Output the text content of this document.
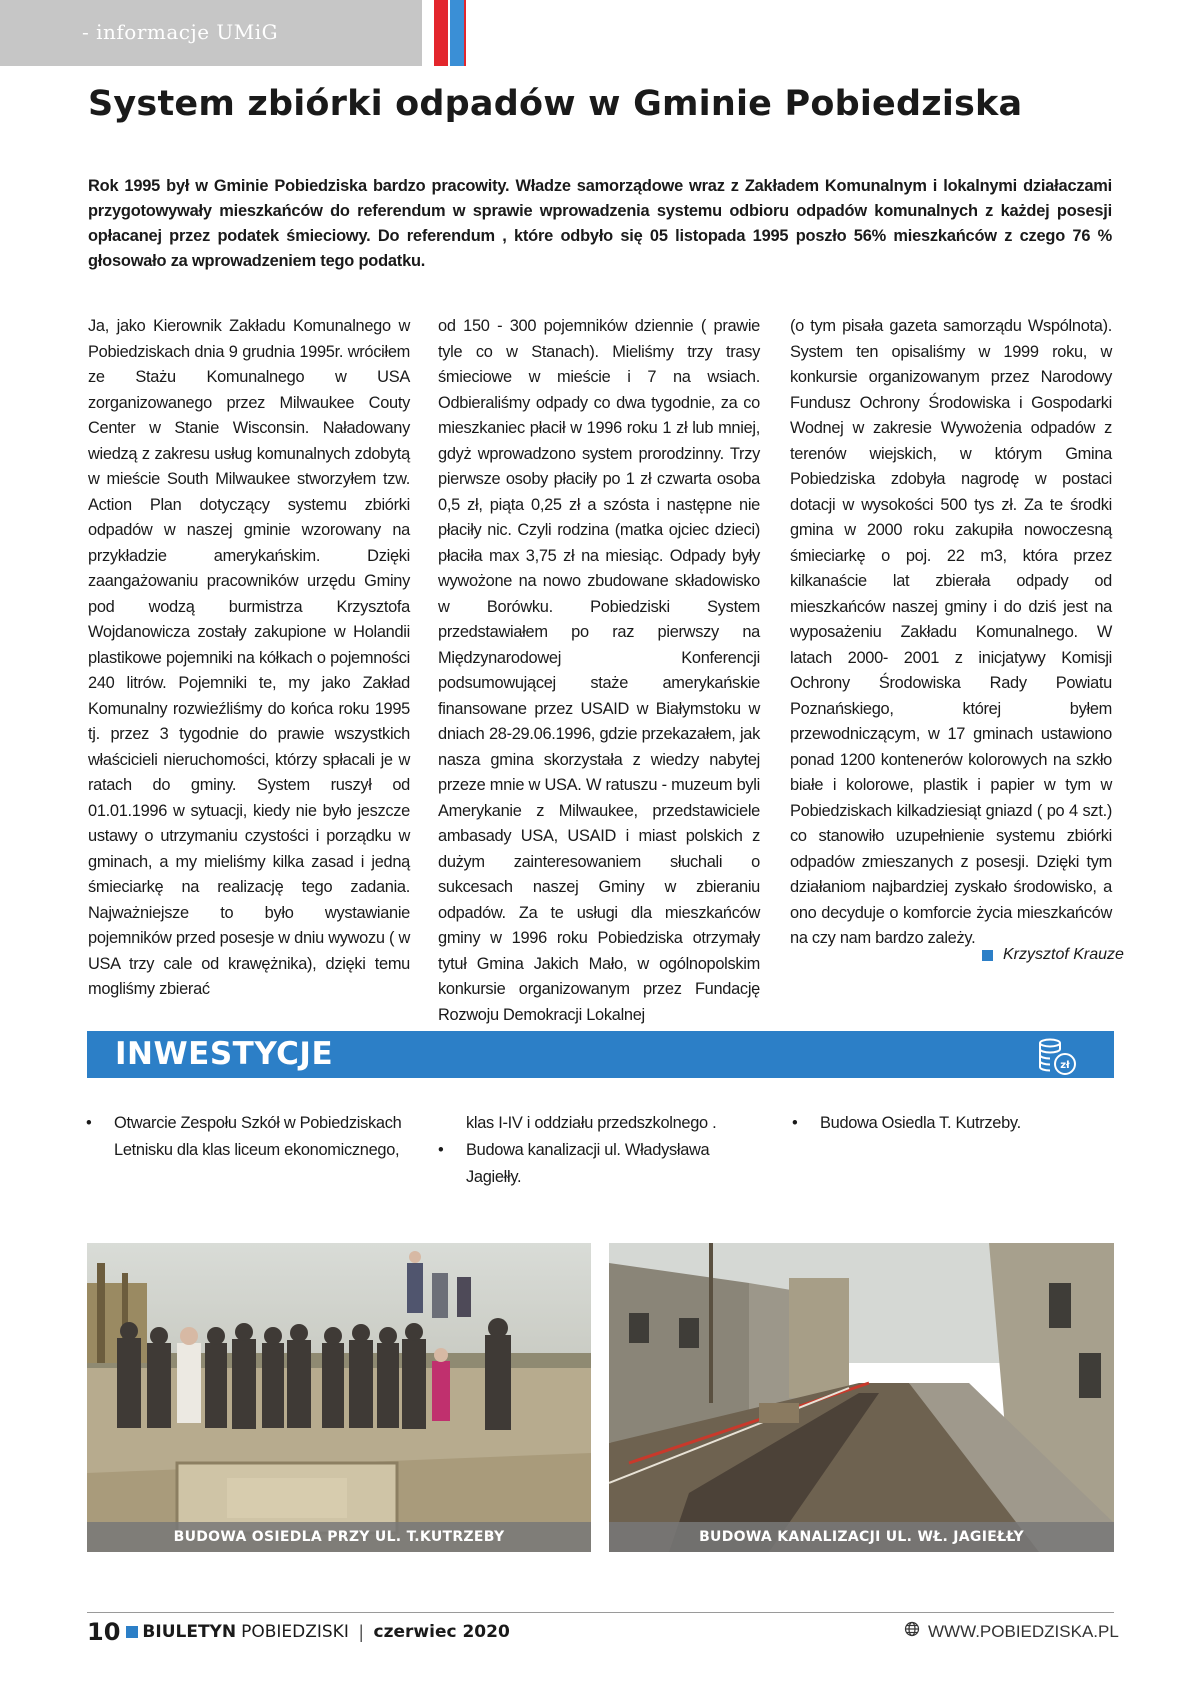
- informacje UMiG
System zbiórki odpadów w Gminie Pobiedziska
Rok 1995 był w Gminie Pobiedziska bardzo pracowity. Władze samorządowe wraz z Zakładem Komunalnym i lokalnymi działaczami przygotowywały mieszkańców do referendum w sprawie wprowadzenia systemu odbioru odpadów komunalnych z każdej posesji opłacanej przez podatek śmieciowy. Do referendum , które odbyło się 05 listopada 1995 poszło 56% mieszkańców z czego 76 % głosowało za wprowadzeniem tego podatku.
Ja, jako Kierownik Zakładu Komunalnego w Pobiedziskach dnia 9 grudnia 1995r. wróciłem ze Stażu Komunalnego w USA zorganizowanego przez Milwaukee Couty Center w Stanie Wisconsin. Naładowany wiedzą z zakresu usług komunalnych zdobytą w mieście South Milwaukee stworzyłem tzw. Action Plan dotyczący systemu zbiórki odpadów w naszej gminie wzorowany na przykładzie amerykańskim. Dzięki zaangażowaniu pracowników urzędu Gminy pod wodzą burmistrza Krzysztofa Wojdanowicza zostały zakupione w Holandii plastikowe pojemniki na kółkach o pojemności 240 litrów. Pojemniki te, my jako Zakład Komunalny rozwieźliśmy do końca roku 1995 tj. przez 3 tygodnie do prawie wszystkich właścicieli nieruchomości, którzy spłacali je w ratach do gminy. System ruszył od 01.01.1996 w sytuacji, kiedy nie było jeszcze ustawy o utrzymaniu czystości i porządku w gminach, a my mieliśmy kilka zasad i jedną śmieciarkę na realizację tego zadania. Najważniejsze to było wystawianie pojemników przed posesje w dniu wywozu ( w USA trzy cale od krawężnika), dzięki temu mogliśmy zbierać
od 150 - 300 pojemników dziennie ( prawie tyle co w Stanach). Mieliśmy trzy trasy śmieciowe w mieście i 7 na wsiach. Odbieraliśmy odpady co dwa tygodnie, za co mieszkaniec płacił w 1996 roku 1 zł lub mniej, gdyż wprowadzono system prorodzinny. Trzy pierwsze osoby płaciły po 1 zł czwarta osoba 0,5 zł, piąta 0,25 zł a szósta i następne nie płaciły nic. Czyli rodzina (matka ojciec dzieci) płaciła max 3,75 zł na miesiąc. Odpady były wywożone na nowo zbudowane składowisko w Borówku. Pobiedziski System przedstawiałem po raz pierwszy na Międzynarodowej Konferencji podsumowującej staże amerykańskie finansowane przez USAID w Białymstoku w dniach 28-29.06.1996, gdzie przekazałem, jak nasza gmina skorzystała z wiedzy nabytej przeze mnie w USA. W ratuszu - muzeum byli Amerykanie z Milwaukee, przedstawiciele ambasady USA, USAID i miast polskich z dużym zainteresowaniem słuchali o sukcesach naszej Gminy w zbieraniu odpadów. Za te usługi dla mieszkańców gminy w 1996 roku Pobiedziska otrzymały tytuł Gmina Jakich Mało, w ogólnopolskim konkursie organizowanym przez Fundację Rozwoju Demokracji Lokalnej
(o tym pisała gazeta samorządu Wspólnota). System ten opisaliśmy w 1999 roku, w konkursie organizowanym przez Narodowy Fundusz Ochrony Środowiska i Gospodarki Wodnej w zakresie Wywożenia odpadów z terenów wiejskich, w którym Gmina Pobiedziska zdobyła nagrodę w postaci dotacji w wysokości 500 tys zł. Za te środki gmina w 2000 roku zakupiła nowoczesną śmieciarkę o poj. 22 m3, która przez kilkanaście lat zbierała odpady od mieszkańców naszej gminy i do dziś jest na wyposażeniu Zakładu Komunalnego. W latach 2000- 2001 z inicjatywy Komisji Ochrony Środowiska Rady Powiatu Poznańskiego, której byłem przewodniczącym, w 17 gminach ustawiono ponad 1200 kontenerów kolorowych na szkło białe i kolorowe, plastik i papier w tym w Pobiedziskach kilkadziesiąt gniazd ( po 4 szt.) co stanowiło uzupełnienie systemu zbiórki odpadów zmieszanych z posesji. Dzięki tym działaniom najbardziej zyskało środowisko, a ono decyduje o komforcie życia mieszkańców na czy nam bardzo zależy.
Krzysztof Krauze
INWESTYCJE	zł
•	Otwarcie Zespołu Szkół w Pobiedziskach Letnisku dla klas liceum ekonomicznego,
klas I-IV i oddziału przedszkolnego .
•	Budowa kanalizacji ul. Władysława Jagiełły.
•	Budowa Osiedla T. Kutrzeby.
BUDOWA OSIEDLA PRZY UL. T.KUTRZEBY	BUDOWA KANALIZACJI UL. WŁ. JAGIEŁŁY
10 BIULETYN POBIEDZISKI | czerwiec 2020	WWW.POBIEDZISKA.PL
